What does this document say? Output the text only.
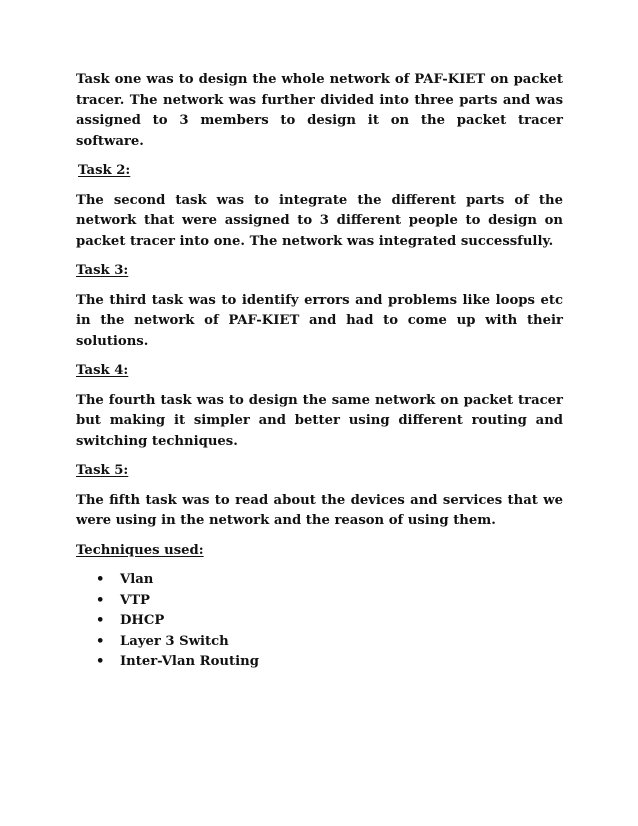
Task one was to design the whole network of PAF-KIET on packet tracer. The network was further divided into three parts and was assigned to 3 members to design it on the packet tracer software.

Task 2:

The second task was to integrate the different parts of the network that were assigned to 3 different people to design on packet tracer into one. The network was integrated successfully.

Task 3:

The third task was to identify errors and problems like loops etc in the network of PAF-KIET and had to come up with their solutions.

Task 4:

The fourth task was to design the same network on packet tracer but making it simpler and better using different routing and switching techniques.

Task 5:

The fifth task was to read about the devices and services that we were using in the network and the reason of using them.

Techniques used:
• Vlan
• VTP
• DHCP
• Layer 3 Switch
• Inter-Vlan Routing
